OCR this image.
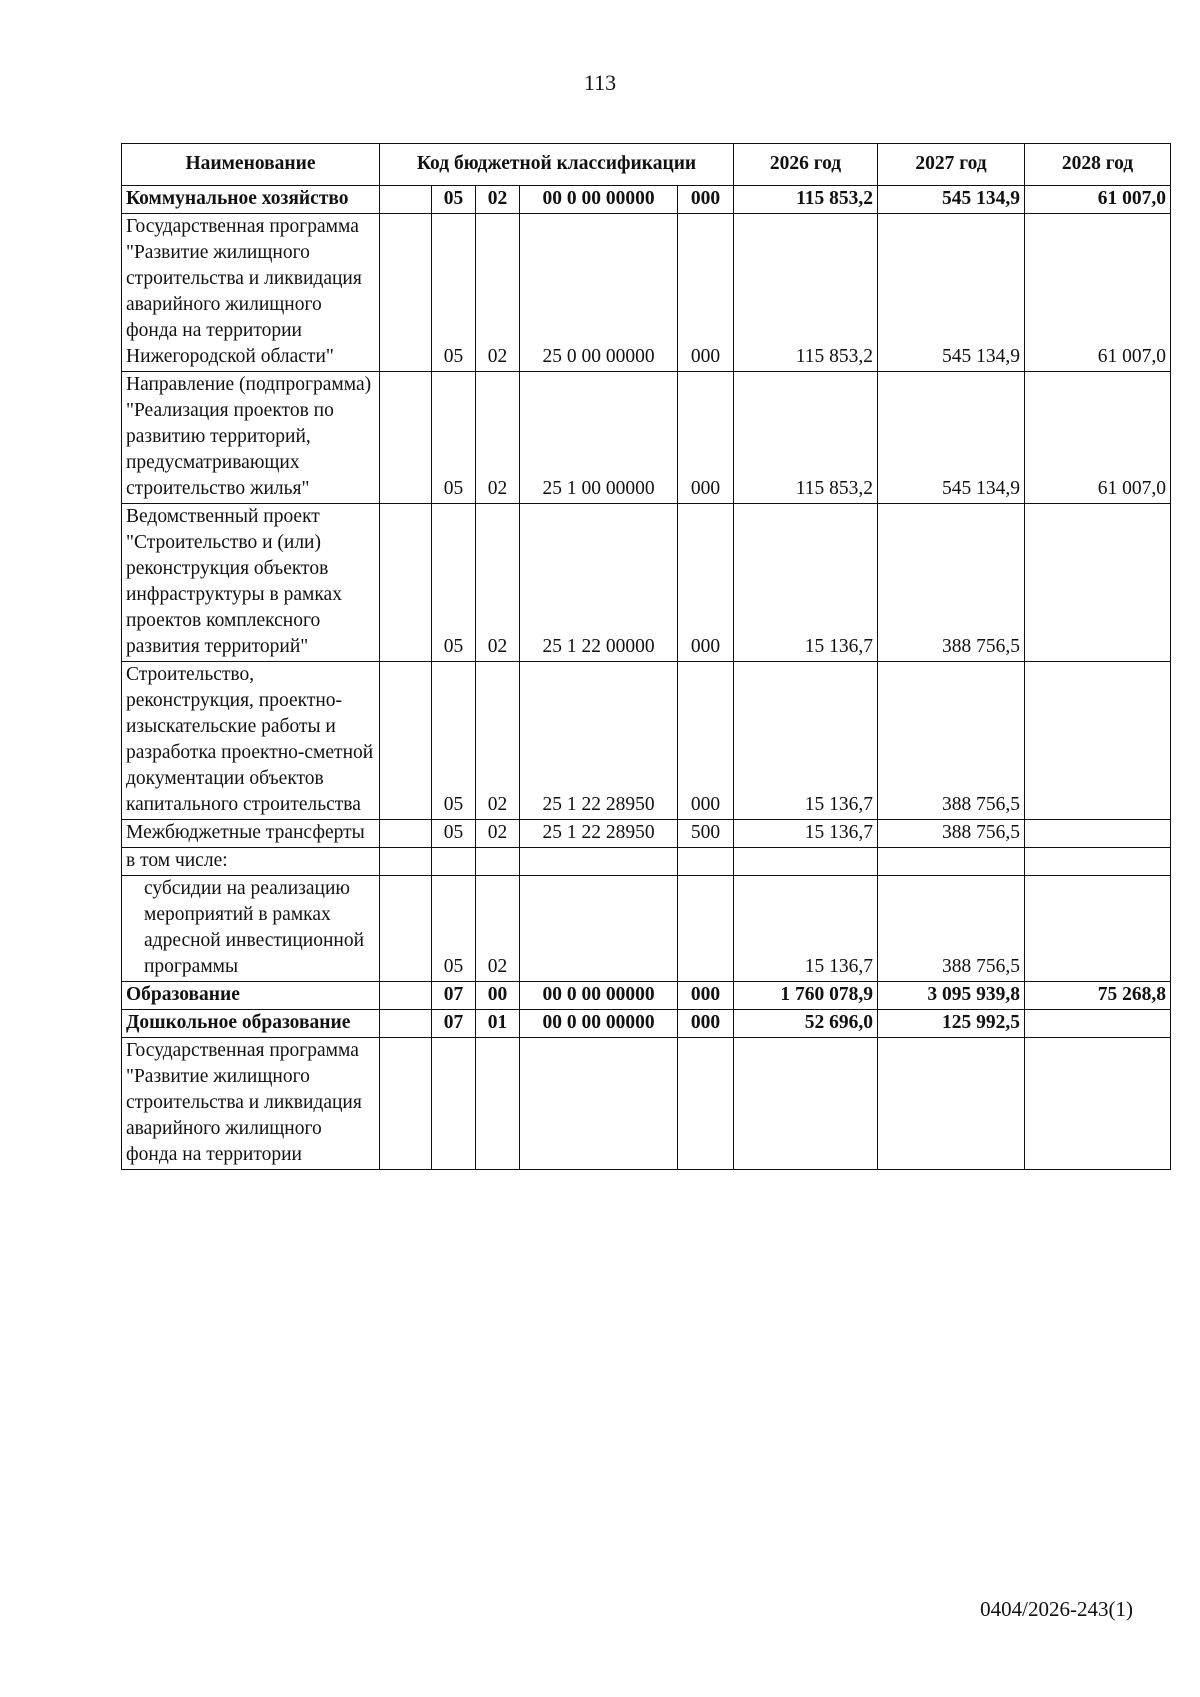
113
Наименование	Код бюджетной классификации					2026 год	2027 год	2028 год
Коммунальное хозяйство		05	02	00 0 00 00000	000	115 853,2	545 134,9	61 007,0
Государственная программа "Развитие жилищного строительства и ликвидация аварийного жилищного фонда на территории Нижегородской области"		05	02	25 0 00 00000	000	115 853,2	545 134,9	61 007,0
Направление (подпрограмма) "Реализация проектов по развитию территорий, предусматривающих строительство жилья"		05	02	25 1 00 00000	000	115 853,2	545 134,9	61 007,0
Ведомственный проект "Строительство и (или) реконструкция объектов инфраструктуры в рамках проектов комплексного развития территорий"		05	02	25 1 22 00000	000	15 136,7	388 756,5	
Строительство, реконструкция, проектно-изыскательские работы и разработка проектно-сметной документации объектов капитального строительства		05	02	25 1 22 28950	000	15 136,7	388 756,5	
Межбюджетные трансферты		05	02	25 1 22 28950	500	15 136,7	388 756,5	
в том числе:								
субсидии на реализацию мероприятий в рамках адресной инвестиционной программы		05	02			15 136,7	388 756,5	
Образование		07	00	00 0 00 00000	000	1 760 078,9	3 095 939,8	75 268,8
Дошкольное образование		07	01	00 0 00 00000	000	52 696,0	125 992,5	
Государственная программа "Развитие жилищного строительства и ликвидация аварийного жилищного фонда на территории								
0404/2026-243(1)
